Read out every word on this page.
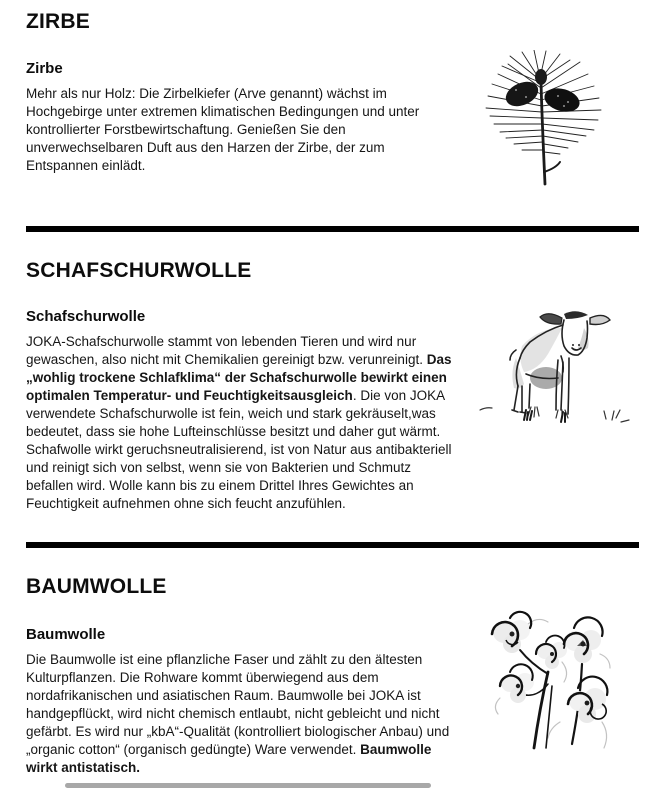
ZIRBE
Zirbe

Mehr als nur Holz: Die Zirbelkiefer (Arve genannt) wächst im Hochgebirge unter extremen klimatischen Bedingungen und unter kontrollierter Forstbewirtschaftung. Genießen Sie den unverwechselbaren Duft aus den Harzen der Zirbe, der zum Entspannen einlädt.

SCHAFSCHURWOLLE
Schafschurwolle

JOKA-Schafschurwolle stammt von lebenden Tieren und wird nur gewaschen, also nicht mit Chemikalien gereinigt bzw. verunreinigt. Das „wohlig trockene Schlafklima“ der Schafschurwolle bewirkt einen optimalen Temperatur- und Feuchtigkeitsausgleich. Die von JOKA verwendete Schafschurwolle ist fein, weich und stark gekräuselt,was bedeutet, dass sie hohe Lufteinschlüsse besitzt und daher gut wärmt. Schafwolle wirkt geruchsneutralisierend, ist von Natur aus antibakteriell und reinigt sich von selbst, wenn sie von Bakterien und Schmutz befallen wird. Wolle kann bis zu einem Drittel Ihres Gewichtes an Feuchtigkeit aufnehmen ohne sich feucht anzufühlen.

BAUMWOLLE
Baumwolle

Die Baumwolle ist eine pflanzliche Faser und zählt zu den ältesten Kulturpflanzen. Die Rohware kommt überwiegend aus dem nordafrikanischen und asiatischen Raum. Baumwolle bei JOKA ist handgepflückt, wird nicht chemisch entlaubt, nicht gebleicht und nicht gefärbt. Es wird nur „kbA“-Qualität (kontrolliert biologischer Anbau) und „organic cotton“ (organisch gedüngte) Ware verwendet. Baumwolle wirkt antistatisch.
